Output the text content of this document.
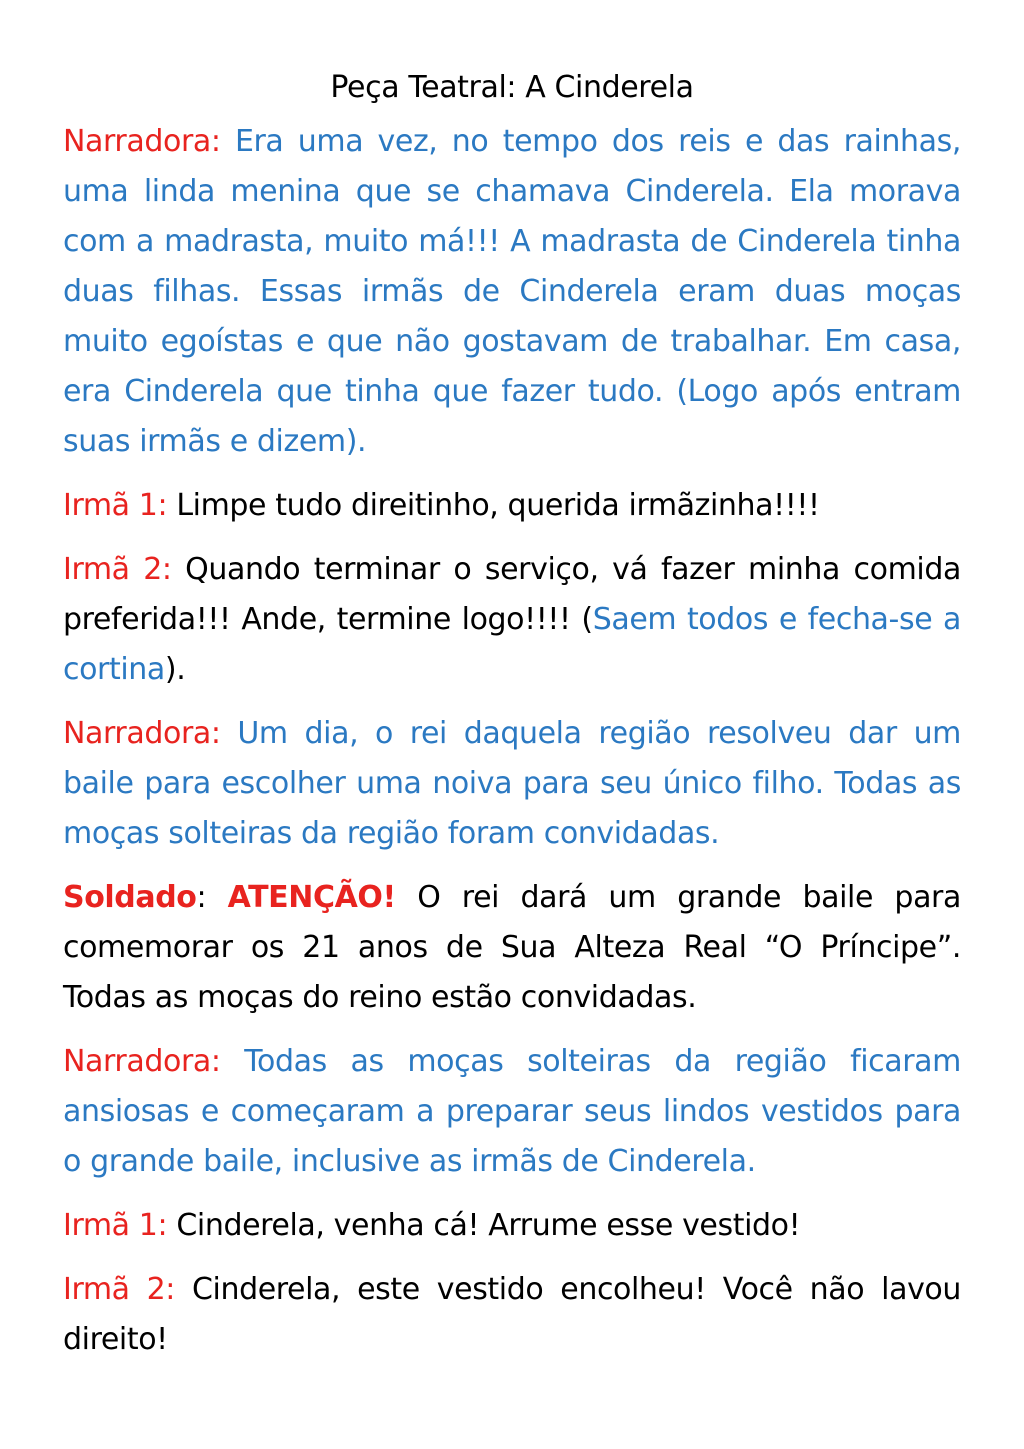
Peça Teatral: A Cinderela

Narradora: Era uma vez, no tempo dos reis e das rainhas, uma linda menina que se chamava Cinderela. Ela morava com a madrasta, muito má!!! A madrasta de Cinderela tinha duas filhas. Essas irmãs de Cinderela eram duas moças muito egoístas e que não gostavam de trabalhar. Em casa, era Cinderela que tinha que fazer tudo. (Logo após entram suas irmãs e dizem).

Irmã 1: Limpe tudo direitinho, querida irmãzinha!!!!

Irmã 2: Quando terminar o serviço, vá fazer minha comida preferida!!! Ande, termine logo!!!! (Saem todos e fecha-se a cortina).

Narradora: Um dia, o rei daquela região resolveu dar um baile para escolher uma noiva para seu único filho. Todas as moças solteiras da região foram convidadas.

Soldado: ATENÇÃO! O rei dará um grande baile para comemorar os 21 anos de Sua Alteza Real “O Príncipe”. Todas as moças do reino estão convidadas.

Narradora: Todas as moças solteiras da região ficaram ansiosas e começaram a preparar seus lindos vestidos para o grande baile, inclusive as irmãs de Cinderela.

Irmã 1: Cinderela, venha cá! Arrume esse vestido!

Irmã 2: Cinderela, este vestido encolheu! Você não lavou direito!
